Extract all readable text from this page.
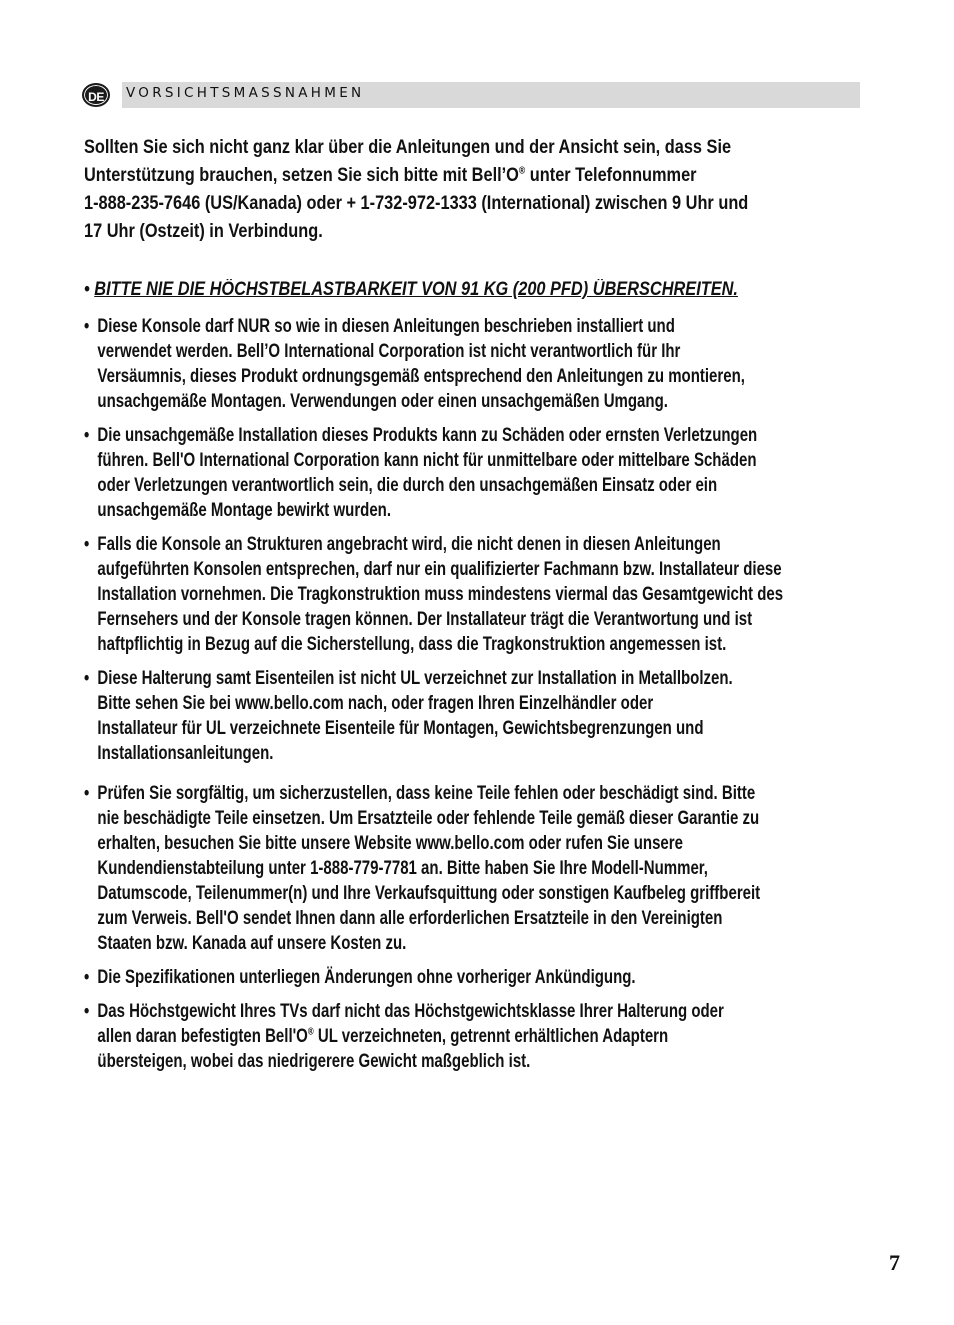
DE	VORSICHTSMASSNAHMEN

Sollten Sie sich nicht ganz klar über die Anleitungen und der Ansicht sein, dass Sie
Unterstützung brauchen, setzen Sie sich bitte mit Bell’O® unter Telefonnummer
1-888-235-7646 (US/Kanada) oder + 1-732-972-1333 (International) zwischen 9 Uhr und
17 Uhr (Ostzeit) in Verbindung.

• BITTE NIE DIE HÖCHSTBELASTBARKEIT VON 91 KG (200 PFD) ÜBERSCHREITEN.
• Diese Konsole darf NUR so wie in diesen Anleitungen beschrieben installiert und
verwendet werden. Bell’O International Corporation ist nicht verantwortlich für Ihr
Versäumnis, dieses Produkt ordnungsgemäß entsprechend den Anleitungen zu montieren,
unsachgemäße Montagen. Verwendungen oder einen unsachgemäßen Umgang.
• Die unsachgemäße Installation dieses Produkts kann zu Schäden oder ernsten Verletzungen
führen. Bell'O International Corporation kann nicht für unmittelbare oder mittelbare Schäden
oder Verletzungen verantwortlich sein, die durch den unsachgemäßen Einsatz oder ein
unsachgemäße Montage bewirkt wurden.
• Falls die Konsole an Strukturen angebracht wird, die nicht denen in diesen Anleitungen
aufgeführten Konsolen entsprechen, darf nur ein qualifizierter Fachmann bzw. Installateur diese
Installation vornehmen. Die Tragkonstruktion muss mindestens viermal das Gesamtgewicht des
Fernsehers und der Konsole tragen können. Der Installateur trägt die Verantwortung und ist
haftpflichtig in Bezug auf die Sicherstellung, dass die Tragkonstruktion angemessen ist.
• Diese Halterung samt Eisenteilen ist nicht UL verzeichnet zur Installation in Metallbolzen.
Bitte sehen Sie bei www.bello.com nach, oder fragen Ihren Einzelhändler oder
Installateur für UL verzeichnete Eisenteile für Montagen, Gewichtsbegrenzungen und
Installationsanleitungen.
• Prüfen Sie sorgfältig, um sicherzustellen, dass keine Teile fehlen oder beschädigt sind. Bitte
nie beschädigte Teile einsetzen. Um Ersatzteile oder fehlende Teile gemäß dieser Garantie zu
erhalten, besuchen Sie bitte unsere Website www.bello.com oder rufen Sie unsere
Kundendienstabteilung unter 1-888-779-7781 an. Bitte haben Sie Ihre Modell-Nummer,
Datumscode, Teilenummer(n) und Ihre Verkaufsquittung oder sonstigen Kaufbeleg griffbereit
zum Verweis. Bell'O sendet Ihnen dann alle erforderlichen Ersatzteile in den Vereinigten
Staaten bzw. Kanada auf unsere Kosten zu.
• Die Spezifikationen unterliegen Änderungen ohne vorheriger Ankündigung.
• Das Höchstgewicht Ihres TVs darf nicht das Höchstgewichtsklasse Ihrer Halterung oder
allen daran befestigten Bell'O® UL verzeichneten, getrennt erhältlichen Adaptern
übersteigen, wobei das niedrigerere Gewicht maßgeblich ist.
7
